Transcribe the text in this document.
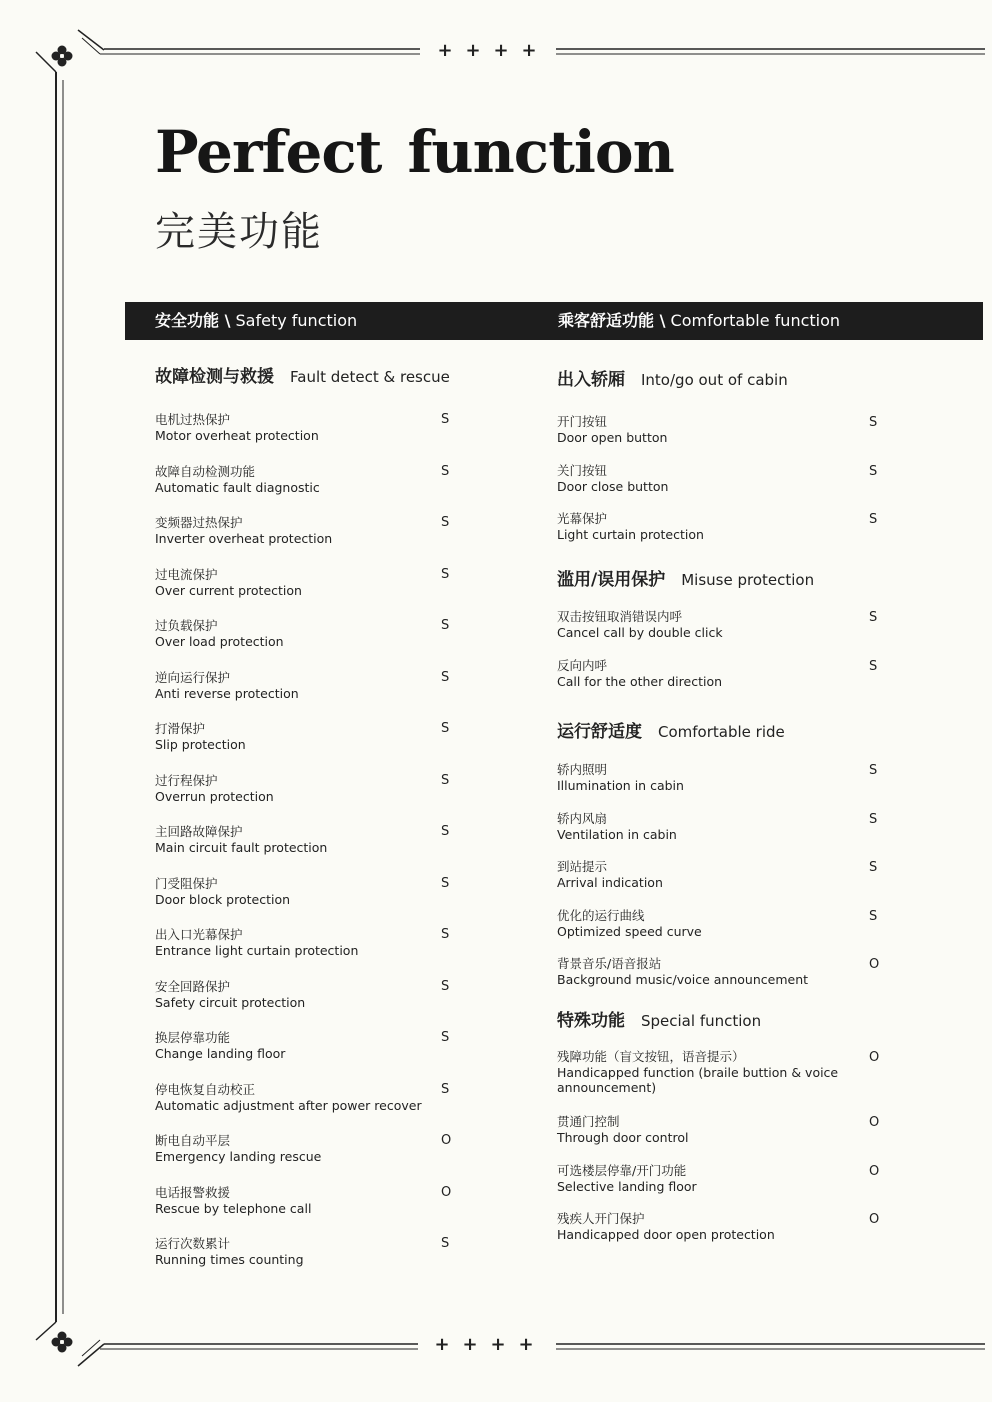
+ + + +
+ + + +
Perfect function
完美功能
安全功能 \ Safety function	乘客舒适功能 \ Comfortable function
故障检测与救援 Fault detect & rescue
电机过热保护
Motor overheat protection
S
故障自动检测功能
Automatic fault diagnostic
S
变频器过热保护
Inverter overheat protection
S
过电流保护
Over current protection
S
过负载保护
Over load protection
S
逆向运行保护
Anti reverse protection
S
打滑保护
Slip protection
S
过行程保护
Overrun protection
S
主回路故障保护
Main circuit fault protection
S
门受阻保护
Door block protection
S
出入口光幕保护
Entrance light curtain protection
S
安全回路保护
Safety circuit protection
S
换层停靠功能
Change landing floor
S
停电恢复自动校正
Automatic adjustment after power recover
S
断电自动平层
Emergency landing rescue
O
电话报警救援
Rescue by telephone call
O
运行次数累计
Running times counting
S
出入轿厢 Into/go out of cabin
开门按钮
Door open button
S
关门按钮
Door close button
S
光幕保护
Light curtain protection
S
滥用/误用保护 Misuse protection
双击按钮取消错误内呼
Cancel call by double click
S
反向内呼
Call for the other direction
S
运行舒适度 Comfortable ride
轿内照明
Illumination in cabin
S
轿内风扇
Ventilation in cabin
S
到站提示
Arrival indication
S
优化的运行曲线
Optimized speed curve
S
背景音乐/语音报站
Background music/voice announcement
O
特殊功能 Special function
残障功能（盲文按钮，语音提示）
Handicapped function (braile buttion & voice announcement)
O
贯通门控制
Through door control
O
可选楼层停靠/开门功能
Selective landing floor
O
残疾人开门保护
Handicapped door open protection
O
